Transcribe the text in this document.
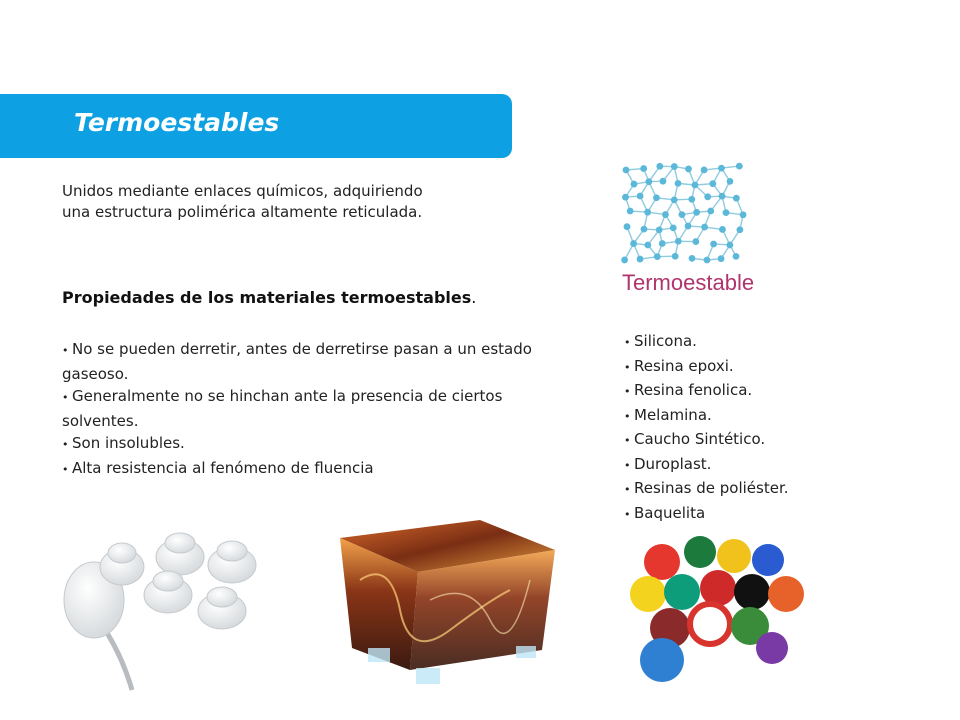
Termoestables
Unidos mediante enlaces químicos, adquiriendo
una estructura polimérica altamente reticulada.
Propiedades de los materiales termoestables.
• No se pueden derretir, antes de derretirse pasan a un estado gaseoso.
• Generalmente no se hinchan ante la presencia de ciertos solventes.
• Son insolubles.
• Alta resistencia al fenómeno de fluencia
Termoestable
• Silicona.
• Resina epoxi.
• Resina fenolica.
• Melamina.
• Caucho Sintético.
• Duroplast.
• Resinas de poliéster.
• Baquelita
